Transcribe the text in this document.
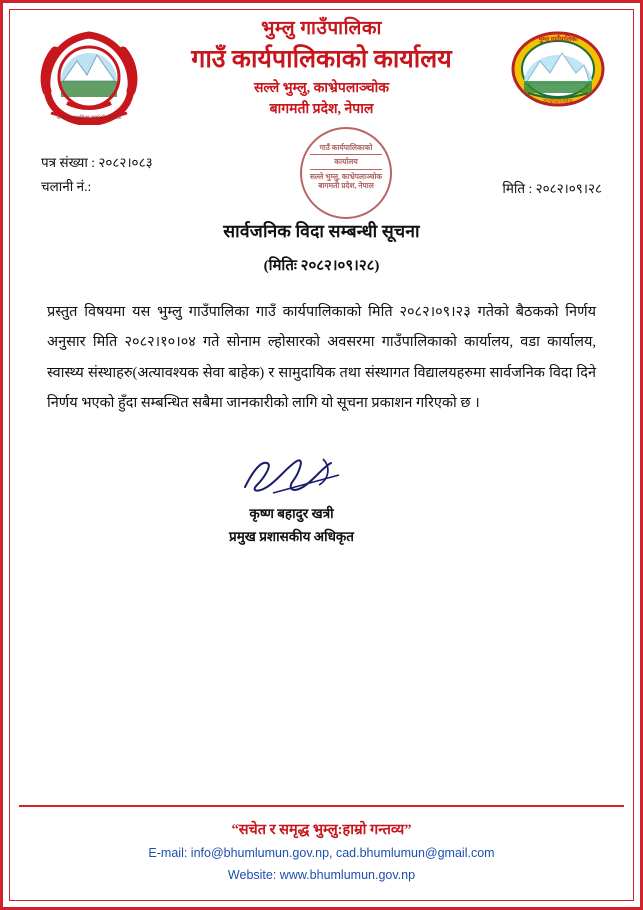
जननी जन्मभूमिश्च स्वर्गादपि गरीयसी
भुम्लु गाउँपालिका
काभ्रेपलाञ्चोक
भुम्लु गाउँपालिका
गाउँ कार्यपालिकाको कार्यालय
सल्ले भुम्लु, काभ्रेपलाञ्चोक
बागमती प्रदेश, नेपाल
गाउँ कार्यपालिकाको
कार्यालय
सल्ले भुम्लु, काभ्रेपलाञ्चोक
बागमती प्रदेश, नेपाल
पत्र संख्या : २०८२।०८३
चलानी नं.:	मिति : २०८२।०९।२८
सार्वजनिक विदा सम्बन्धी सूचना
(मितिः २०८२।०९।२८)
प्रस्तुत विषयमा यस भुम्लु गाउँपालिका गाउँ कार्यपालिकाको मिति २०८२।०९।२३ गतेको बैठकको निर्णय अनुसार मिति २०८२।१०।०४ गते सोनाम ल्होसारको अवसरमा गाउँपालिकाको कार्यालय, वडा कार्यालय, स्वास्थ्य संस्थाहरु(अत्यावश्यक सेवा बाहेक) र सामुदायिक तथा संस्थागत विद्यालयहरुमा सार्वजनिक विदा दिने निर्णय भएको हुँदा सम्बन्धित सबैमा जानकारीको लागि यो सूचना प्रकाशन गरिएको छ ।
कृष्ण बहादुर खत्री
प्रमुख प्रशासकीय अधिकृत
“सचेत र समृद्ध भुम्लु:हाम्रो गन्तव्य”
E-mail: info@bhumlumun.gov.np, cad.bhumlumun@gmail.com
Website: www.bhumlumun.gov.np
